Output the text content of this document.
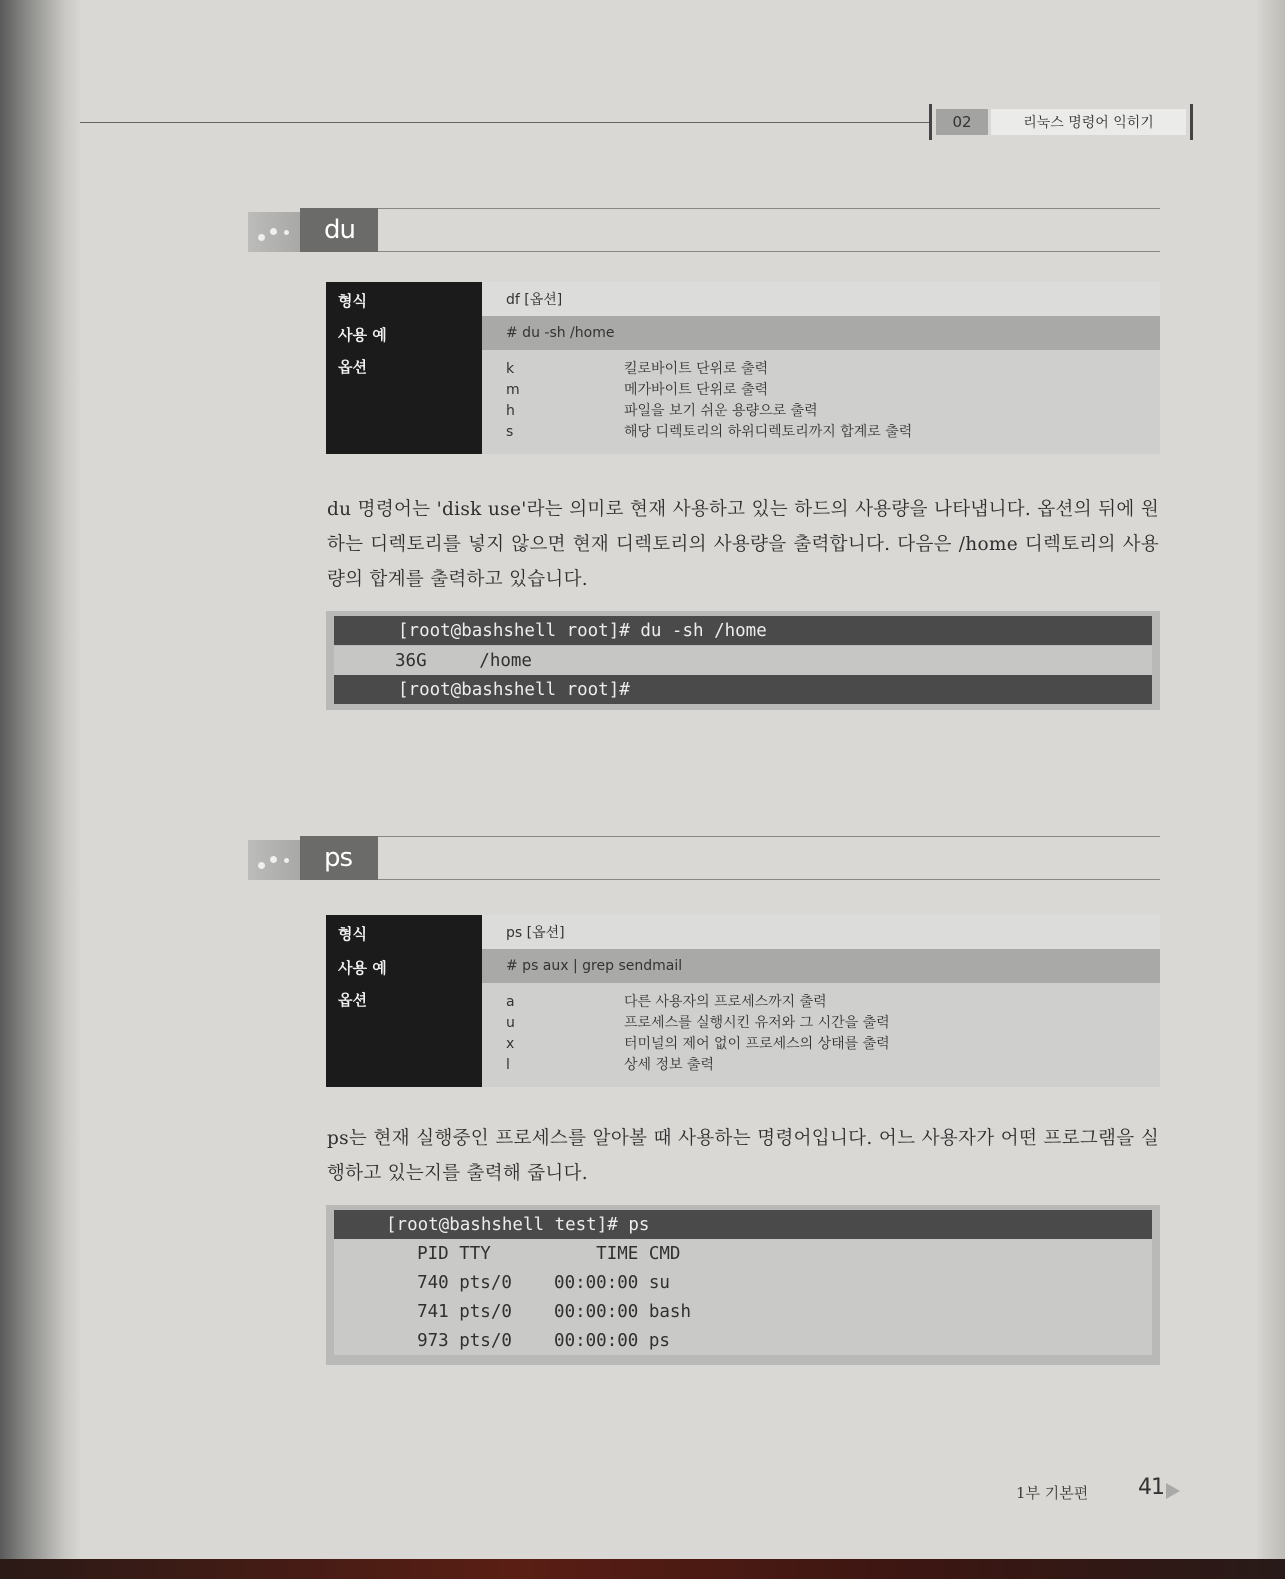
02	리눅스 명령어 익히기
du
형식	df [옵션]
사용 예	# du -sh /home
옵션	k	킬로바이트 단위로 출력
m	메가바이트 단위로 출력
h	파일을 보기 쉬운 용량으로 출력
s	해당 디렉토리의 하위디렉토리까지 합계로 출력
du 명령어는 'disk use'라는 의미로 현재 사용하고 있는 하드의 사용량을 나타냅니다. 옵션의 뒤에 원하는 디렉토리를 넣지 않으면 현재 디렉토리의 사용량을 출력합니다. 다음은 /home 디렉토리의 사용량의 합계를 출력하고 있습니다.
[root@bashshell root]# du -sh /home
36G     /home
[root@bashshell root]#
ps
형식	ps [옵션]
사용 예	# ps aux | grep sendmail
옵션	a	다른 사용자의 프로세스까지 출력
u	프로세스를 실행시킨 유저와 그 시간을 출력
x	터미널의 제어 없이 프로세스의 상태를 출력
l	상세 정보 출력
ps는 현재 실행중인 프로세스를 알아볼 때 사용하는 명령어입니다. 어느 사용자가 어떤 프로그램을 실행하고 있는지를 출력해 줍니다.
[root@bashshell test]# ps
PID TTY          TIME CMD
740 pts/0    00:00:00 su
741 pts/0    00:00:00 bash
973 pts/0    00:00:00 ps
1부 기본편 41
